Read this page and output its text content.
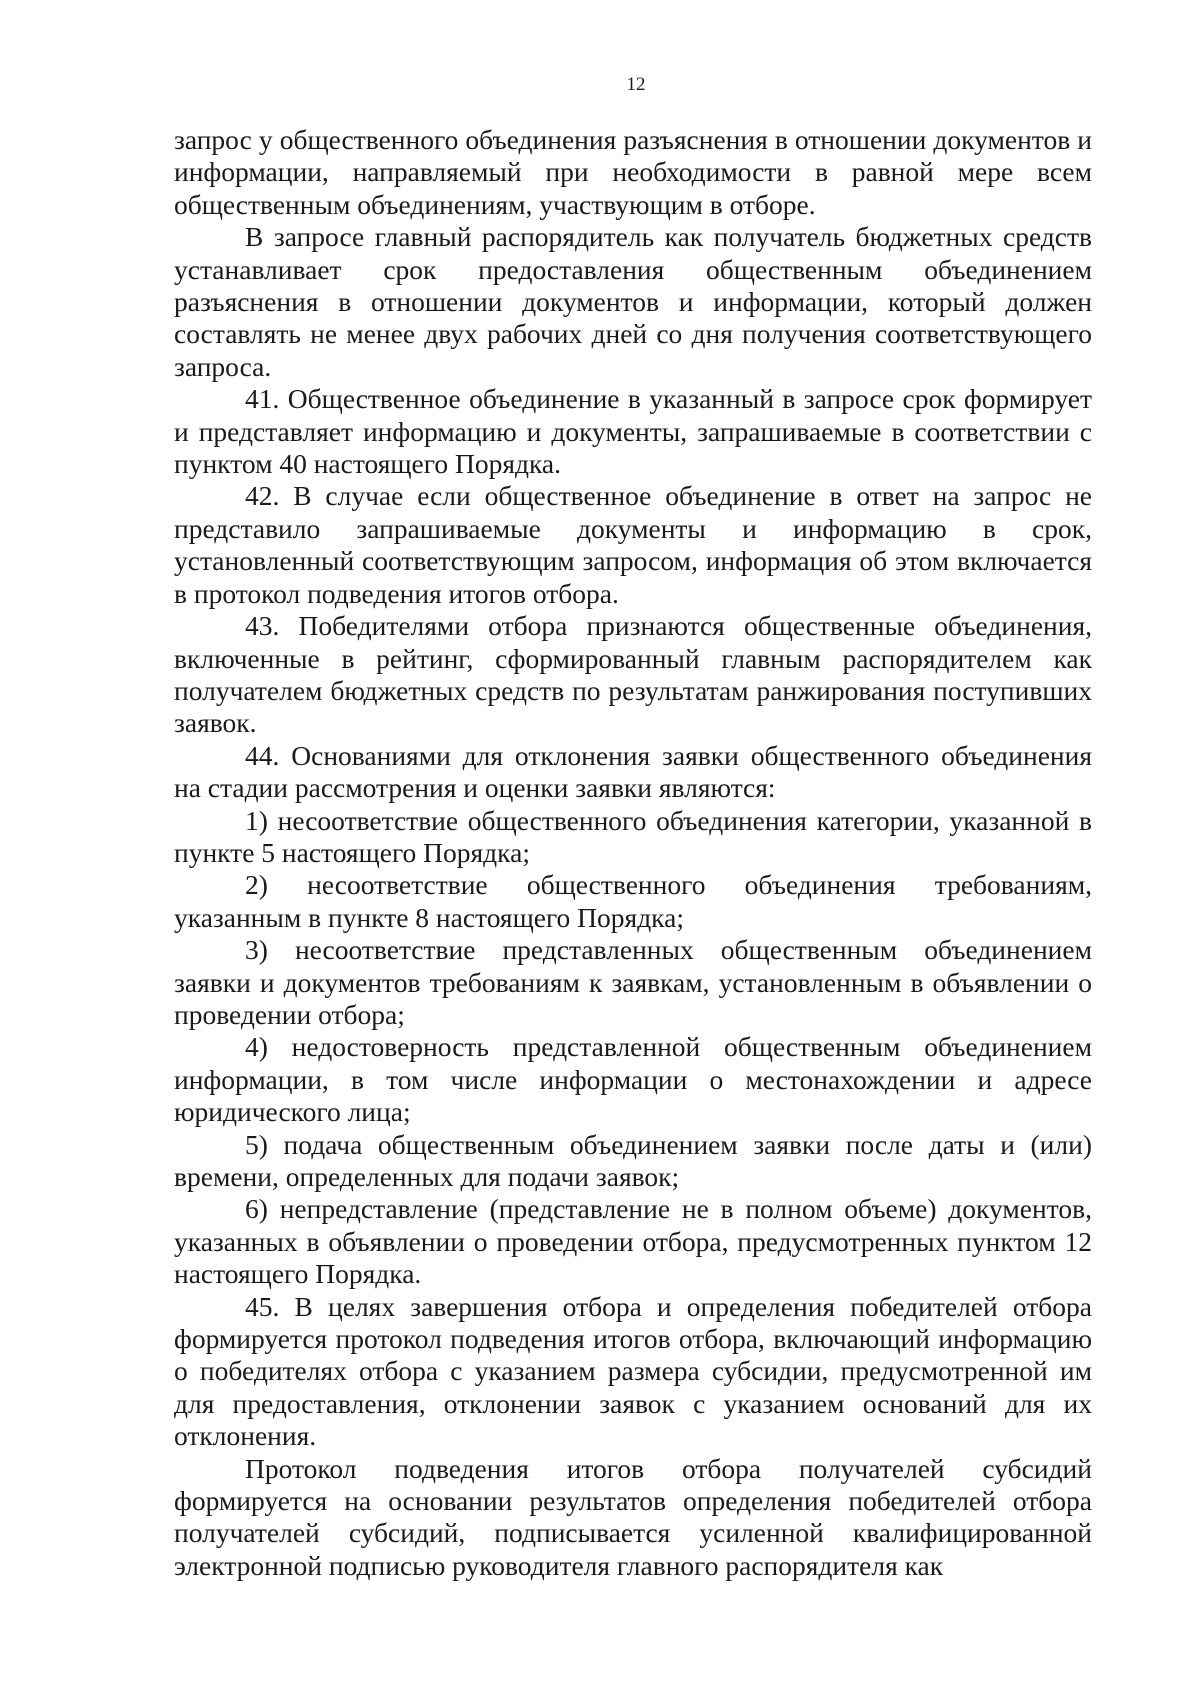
12

запрос у общественного объединения разъяснения в отношении документов и информации, направляемый при необходимости в равной мере всем общественным объединениям, участвующим в отборе.

В запросе главный распорядитель как получатель бюджетных средств устанавливает срок предоставления общественным объединением разъяснения в отношении документов и информации, который должен составлять не менее двух рабочих дней со дня получения соответствующего запроса.

41. Общественное объединение в указанный в запросе срок формирует и представляет информацию и документы, запрашиваемые в соответствии с пунктом 40 настоящего Порядка.

42. В случае если общественное объединение в ответ на запрос не представило запрашиваемые документы и информацию в срок, установленный соответствующим запросом, информация об этом включается в протокол подведения итогов отбора.

43. Победителями отбора признаются общественные объединения, включенные в рейтинг, сформированный главным распорядителем как получателем бюджетных средств по результатам ранжирования поступивших заявок.

44. Основаниями для отклонения заявки общественного объединения на стадии рассмотрения и оценки заявки являются:

1) несоответствие общественного объединения категории, указанной в пункте 5 настоящего Порядка;

2) несоответствие общественного объединения требованиям, указанным в пункте 8 настоящего Порядка;

3) несоответствие представленных общественным объединением заявки и документов требованиям к заявкам, установленным в объявлении о проведении отбора;

4) недостоверность представленной общественным объединением информации, в том числе информации о местонахождении и адресе юридического лица;

5) подача общественным объединением заявки после даты и (или) времени, определенных для подачи заявок;

6) непредставление (представление не в полном объеме) документов, указанных в объявлении о проведении отбора, предусмотренных пунктом 12 настоящего Порядка.

45. В целях завершения отбора и определения победителей отбора формируется протокол подведения итогов отбора, включающий информацию о победителях отбора с указанием размера субсидии, предусмотренной им для предоставления, отклонении заявок с указанием оснований для их отклонения.

Протокол подведения итогов отбора получателей субсидий формируется на основании результатов определения победителей отбора получателей субсидий, подписывается усиленной квалифицированной электронной подписью руководителя главного распорядителя как
